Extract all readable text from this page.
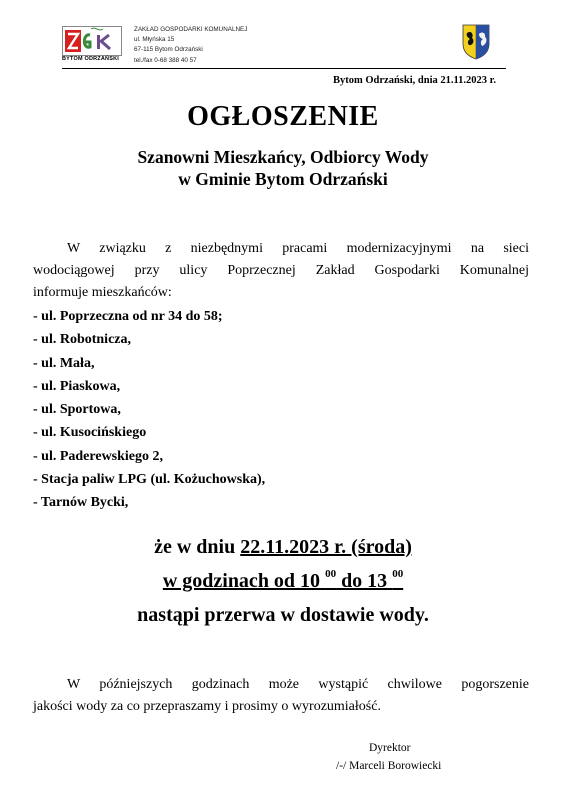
BYTOM ODRZAŃSKI
ZAKŁAD GOSPODARKI KOMUNALNEJ
ul. Młyńska 15
67-115 Bytom Odrzański
tel./fax 0-68 388 40 57
Bytom Odrzański, dnia 21.11.2023 r.
OGŁOSZENIE
Szanowni Mieszkańcy, Odbiorcy Wody
w Gminie Bytom Odrzański
W związku z niezbędnymi pracami modernizacyjnymi na sieci
wodociągowej przy ulicy Poprzecznej Zakład Gospodarki Komunalnej
informuje mieszkańców:
- ul. Poprzeczna od nr 34 do 58;
- ul. Robotnicza,
- ul. Mała,
- ul. Piaskowa,
- ul. Sportowa,
- ul. Kusocińskiego
- ul. Paderewskiego 2,
- Stacja paliw LPG (ul. Kożuchowska),
- Tarnów Bycki,
że w dniu 22.11.2023 r. (środa)
w godzinach od 10 $^{00}$ do 13 $^{00}$
nastąpi przerwa w dostawie wody.
W późniejszych godzinach może wystąpić chwilowe pogorszenie
jakości wody za co przepraszamy i prosimy o wyrozumiałość.
Dyrektor
/-/ Marceli Borowiecki
